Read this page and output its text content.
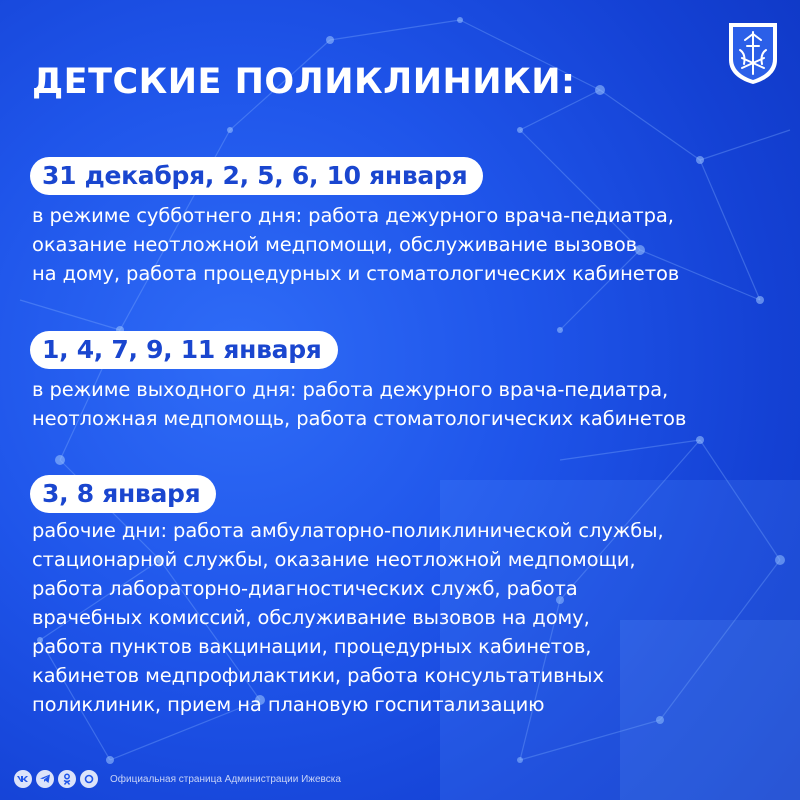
ДЕТСКИЕ ПОЛИКЛИНИКИ:
31 декабря, 2, 5, 6, 10 января
в режиме субботнего дня: работа дежурного врача-педиатра,
оказание неотложной медпомощи, обслуживание вызовов
на дому, работа процедурных и стоматологических кабинетов
1, 4, 7, 9, 11 января
в режиме выходного дня: работа дежурного врача-педиатра,
неотложная медпомощь, работа стоматологических кабинетов
3, 8 января
рабочие дни: работа амбулаторно-поликлинической службы,
стационарной службы, оказание неотложной медпомощи,
работа лабораторно-диагностических служб, работа
врачебных комиссий, обслуживание вызовов на дому,
работа пунктов вакцинации, процедурных кабинетов,
кабинетов медпрофилактики, работа консультативных
поликлиник, прием на плановую госпитализацию
Официальная страница Администрации Ижевска
